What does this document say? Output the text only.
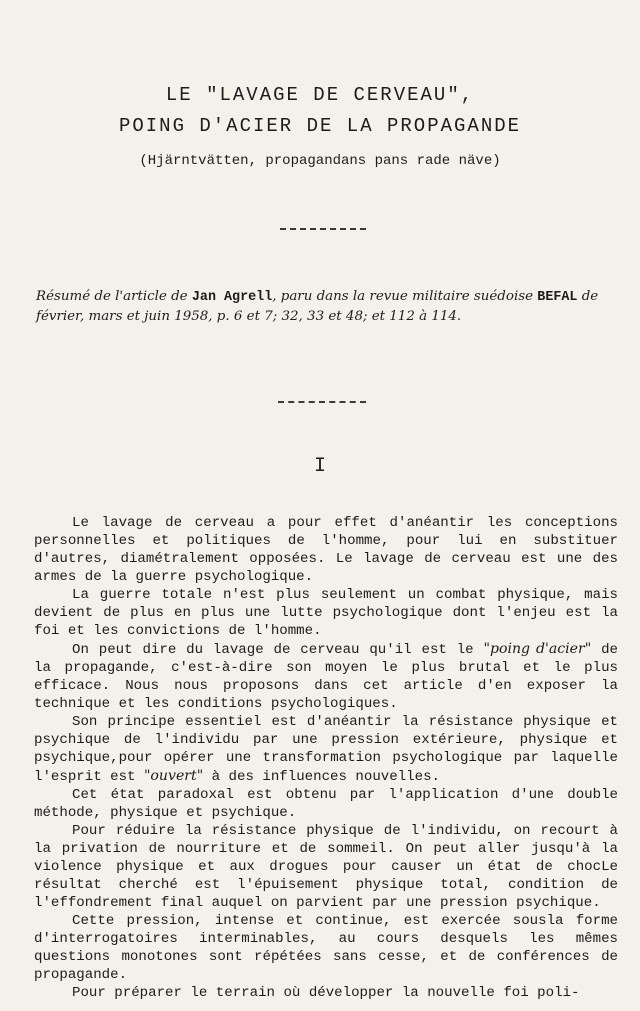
LE "LAVAGE DE CERVEAU",
POING D'ACIER DE LA PROPAGANDE
(Hjärntvätten, propagandans pans rade näve)
Résumé de l'article de Jan Agrell, paru dans la revue militaire suédoise BEFAL de février, mars et juin 1958, p. 6 et 7; 32, 33 et 48; et 112 à 114.
I

Le lavage de cerveau a pour effet d'anéantir les conceptions personnelles et politiques de l'homme, pour lui en substituer d'autres, diamétralement opposées. Le lavage de cerveau est une des armes de la guerre psychologique.

La guerre totale n'est plus seulement un combat physique, mais devient de plus en plus une lutte psychologique dont l'enjeu est la foi et les convictions de l'homme.

On peut dire du lavage de cerveau qu'il est le "poing d'acier" de la propagande, c'est-à-dire son moyen le plus brutal et le plus efficace. Nous nous proposons dans cet article d'en exposer la technique et les conditions psychologiques.

Son principe essentiel est d'anéantir la résistance physique et psychique de l'individu par une pression extérieure, physique et psychique,pour opérer une transformation psychologique par laquelle l'esprit est "ouvert" à des influences nouvelles.

Cet état paradoxal est obtenu par l'application d'une double méthode, physique et psychique.

Pour réduire la résistance physique de l'individu, on recourt à la privation de nourriture et de sommeil. On peut aller jusqu'à la violence physique et aux drogues pour causer un état de chocLe résultat cherché est l'épuisement physique total, condition de l'effondrement final auquel on parvient par une pression psychique.

Cette pression, intense et continue, est exercée sousla forme d'interrogatoires interminables, au cours desquels les mêmes questions monotones sont répétées sans cesse, et de conférences de propagande.

Pour préparer le terrain où développer la nouvelle foi poli-
